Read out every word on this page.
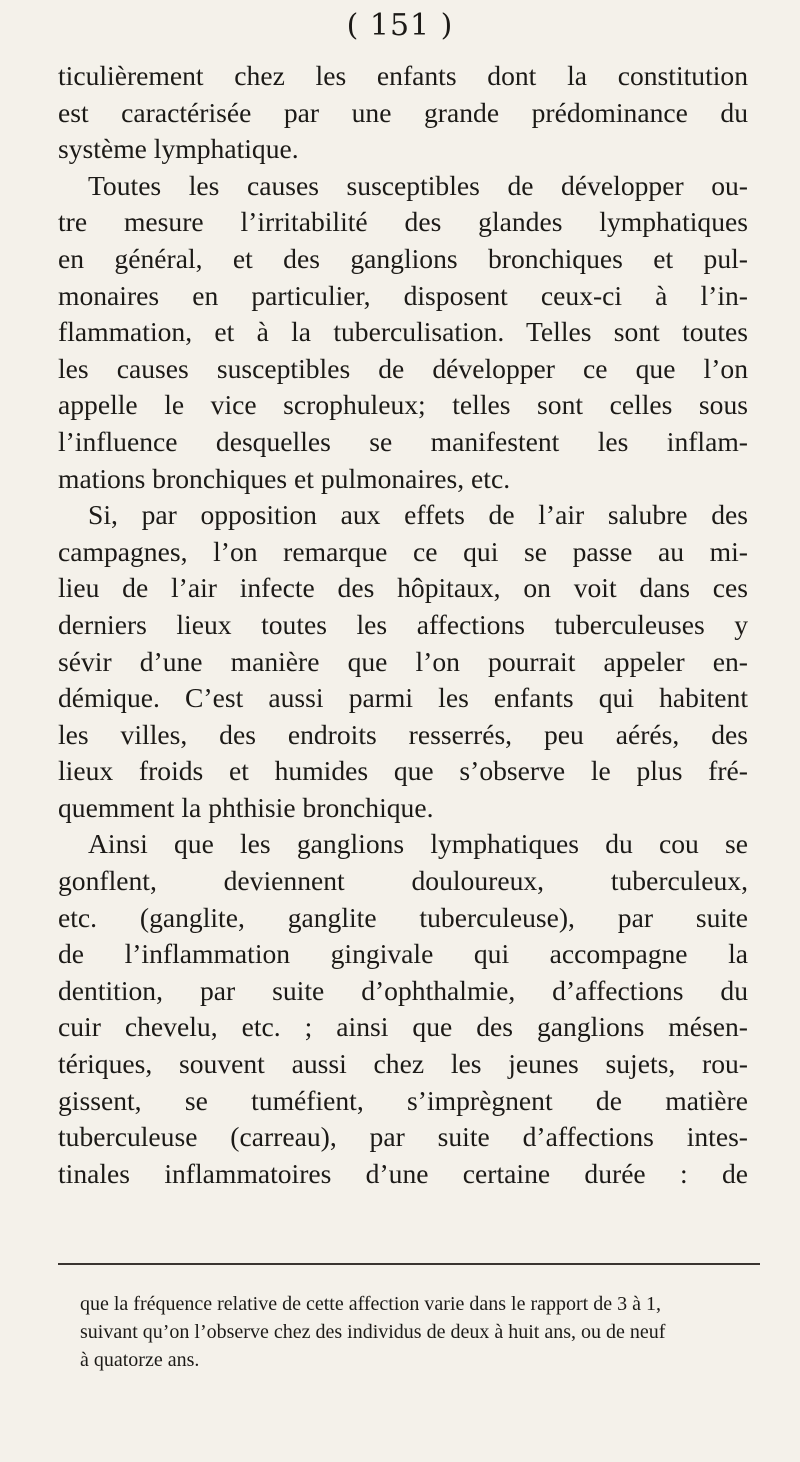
( 151 )
ticulièrement chez les enfants dont la constitution
est caractérisée par une grande prédominance du
système lymphatique.
Toutes les causes susceptibles de développer ou-
tre mesure l’irritabilité des glandes lymphatiques
en général, et des ganglions bronchiques et pul-
monaires en particulier, disposent ceux-ci à l’in-
flammation, et à la tuberculisation. Telles sont toutes
les causes susceptibles de développer ce que l’on
appelle le vice scrophuleux; telles sont celles sous
l’influence desquelles se manifestent les inflam-
mations bronchiques et pulmonaires, etc.
Si, par opposition aux effets de l’air salubre des
campagnes, l’on remarque ce qui se passe au mi-
lieu de l’air infecte des hôpitaux, on voit dans ces
derniers lieux toutes les affections tuberculeuses y
sévir d’une manière que l’on pourrait appeler en-
démique. C’est aussi parmi les enfants qui habitent
les villes, des endroits resserrés, peu aérés, des
lieux froids et humides que s’observe le plus fré-
quemment la phthisie bronchique.
Ainsi que les ganglions lymphatiques du cou se
gonflent, deviennent douloureux, tuberculeux,
etc. (ganglite, ganglite tuberculeuse), par suite
de l’inflammation gingivale qui accompagne la
dentition, par suite d’ophthalmie, d’affections du
cuir chevelu, etc. ; ainsi que des ganglions mésen-
tériques, souvent aussi chez les jeunes sujets, rou-
gissent, se tuméfient, s’imprègnent de matière
tuberculeuse (carreau), par suite d’affections intes-
tinales inflammatoires d’une certaine durée : de
que la fréquence relative de cette affection varie dans le rapport de 3 à 1,
suivant qu’on l’observe chez des individus de deux à huit ans, ou de neuf
à quatorze ans.
